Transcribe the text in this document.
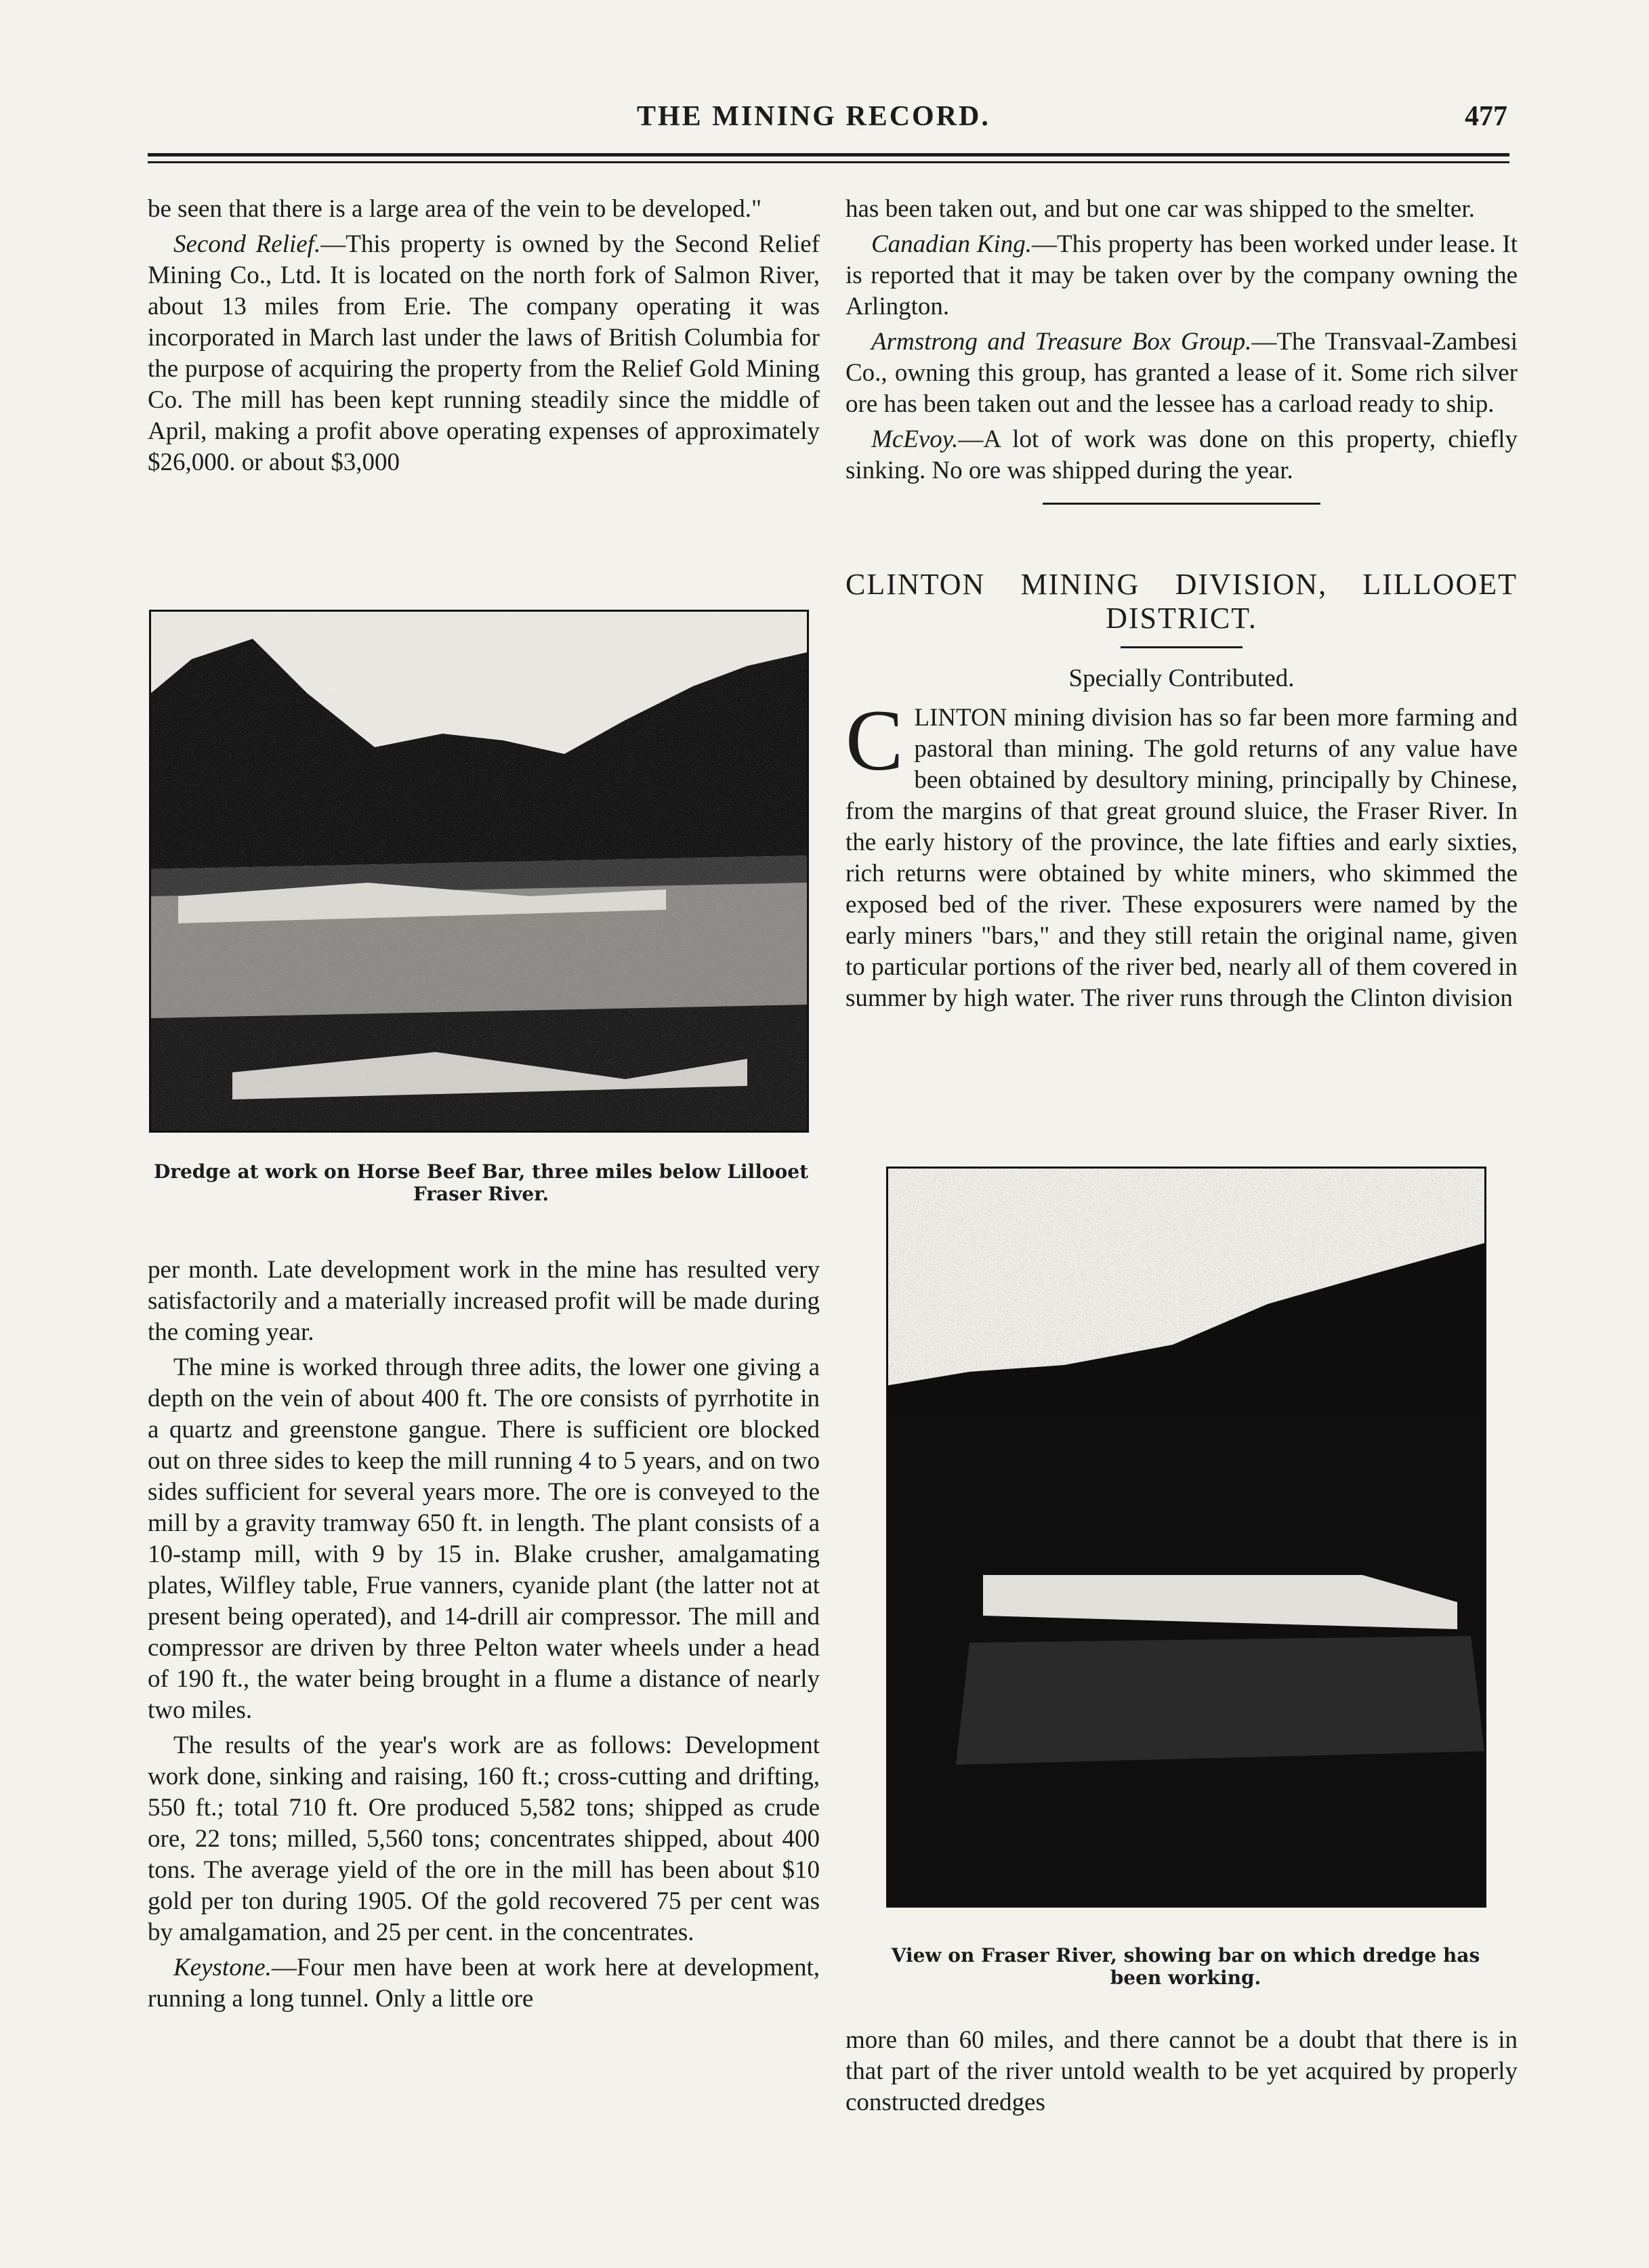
THE MINING RECORD.	477

be seen that there is a large area of the vein to be developed."

Second Relief.—This property is owned by the Second Relief Mining Co., Ltd. It is located on the north fork of Salmon River, about 13 miles from Erie. The company operating it was incorporated in March last under the laws of British Columbia for the purpose of acquiring the property from the Relief Gold Mining Co. The mill has been kept running steadily since the middle of April, making a profit above operating expenses of approximately $26,000. or about $3,000

Dredge at work on Horse Beef Bar, three miles below Lillooet Fraser River.

per month. Late development work in the mine has resulted very satisfactorily and a materially increased profit will be made during the coming year.

The mine is worked through three adits, the lower one giving a depth on the vein of about 400 ft. The ore consists of pyrrhotite in a quartz and greenstone gangue. There is sufficient ore blocked out on three sides to keep the mill running 4 to 5 years, and on two sides sufficient for several years more. The ore is conveyed to the mill by a gravity tramway 650 ft. in length. The plant consists of a 10-stamp mill, with 9 by 15 in. Blake crusher, amalgamating plates, Wilfley table, Frue vanners, cyanide plant (the latter not at present being operated), and 14-drill air compressor. The mill and compressor are driven by three Pelton water wheels under a head of 190 ft., the water being brought in a flume a distance of nearly two miles.

The results of the year's work are as follows: Development work done, sinking and raising, 160 ft.; cross-cutting and drifting, 550 ft.; total 710 ft. Ore produced 5,582 tons; shipped as crude ore, 22 tons; milled, 5,560 tons; concentrates shipped, about 400 tons. The average yield of the ore in the mill has been about $10 gold per ton during 1905. Of the gold recovered 75 per cent was by amalgamation, and 25 per cent. in the concentrates.

Keystone.—Four men have been at work here at development, running a long tunnel. Only a little ore

has been taken out, and but one car was shipped to the smelter.

Canadian King.—This property has been worked under lease. It is reported that it may be taken over by the company owning the Arlington.

Armstrong and Treasure Box Group.—The Transvaal-Zambesi Co., owning this group, has granted a lease of it. Some rich silver ore has been taken out and the lessee has a carload ready to ship.

McEvoy.—A lot of work was done on this property, chiefly sinking. No ore was shipped during the year.

CLINTON MINING DIVISION, LILLOOET
DISTRICT.
Specially Contributed.

CLINTON mining division has so far been more farming and pastoral than mining. The gold returns of any value have been obtained by desultory mining, principally by Chinese, from the margins of that great ground sluice, the Fraser River. In the early history of the province, the late fifties and early sixties, rich returns were obtained by white miners, who skimmed the exposed bed of the river. These exposurers were named by the early miners "bars," and they still retain the original name, given to particular portions of the river bed, nearly all of them covered in summer by high water. The river runs through the Clinton division

View on Fraser River, showing bar on which dredge has been working.

more than 60 miles, and there cannot be a doubt that there is in that part of the river untold wealth to be yet acquired by properly constructed dredges
